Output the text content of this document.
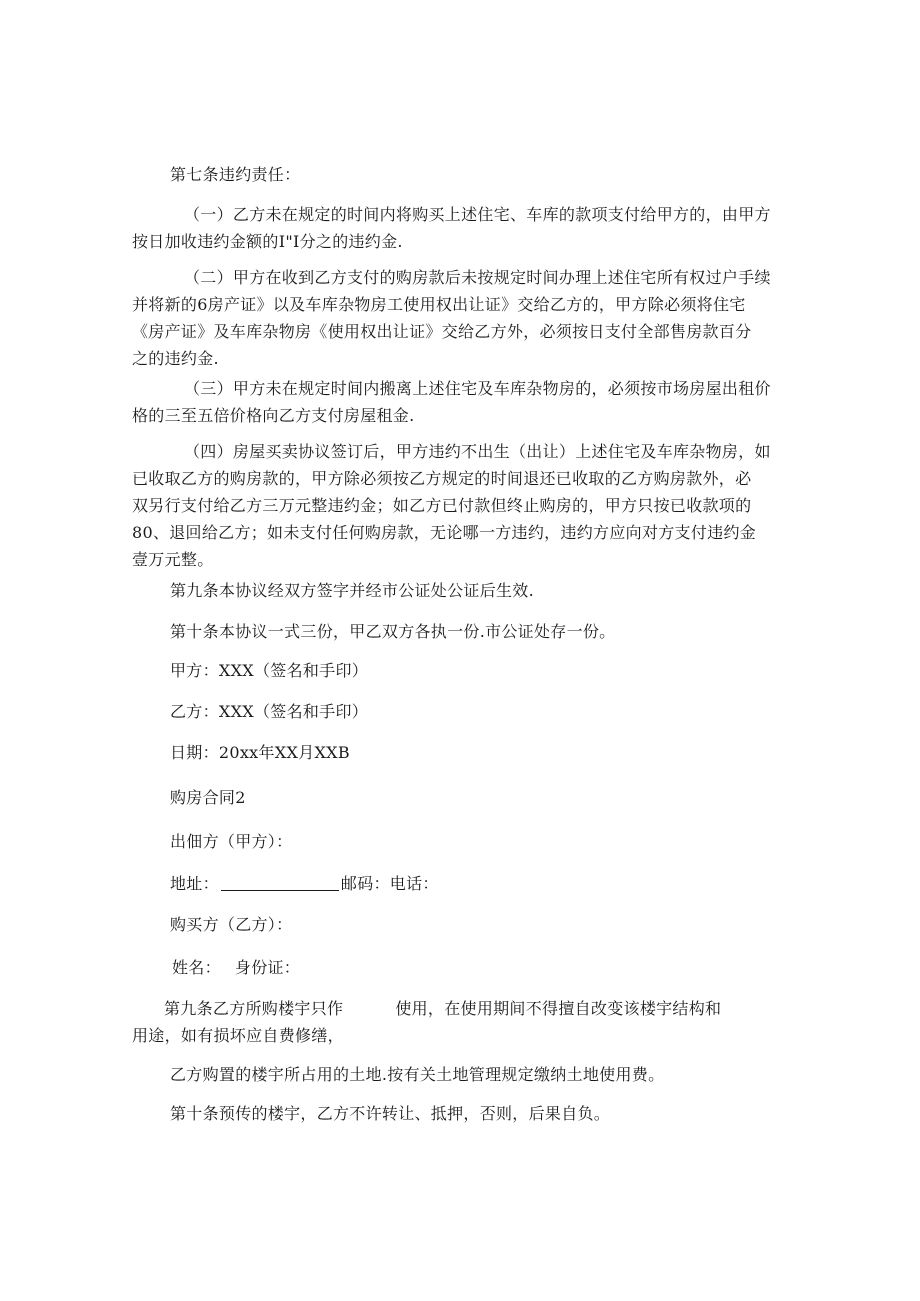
第七条违约责任：

（一）乙方未在规定的时间内将购买上述住宅、车库的款项支付给甲方的，由甲方

按日加收违约金额的I"I分之的违约金.

（二）甲方在收到乙方支付的购房款后未按规定时间办理上述住宅所有权过户手续

并将新的6房产证》以及车库杂物房工使用权出让证》交给乙方的，甲方除必须将住宅

《房产证》及车库杂物房《使用权出让证》交给乙方外，必须按日支付全部售房款百分

之的违约金.

（三）甲方未在规定时间内搬离上述住宅及车库杂物房的，必须按市场房屋出租价

格的三至五倍价格向乙方支付房屋租金.

（四）房屋买卖协议签订后，甲方违约不出生（出让）上述住宅及车库杂物房，如

已收取乙方的购房款的，甲方除必须按乙方规定的时间退还已收取的乙方购房款外，必

双另行支付给乙方三万元整违约金；如乙方已付款但终止购房的，甲方只按已收款项的

80、退回给乙方；如未支付任何购房款，无论哪一方违约，违约方应向对方支付违约金

壹万元整。

第九条本协议经双方签字并经市公证处公证后生效.
第十条本协议一式三份，甲乙双方各执一份.市公证处存一份。
甲方：XXX（签名和手印）
乙方：XXX（签名和手印）
日期：20xx年XX月XXB
购房合同2
出佃方（甲方）：
地址：	邮码：电话：
购买方（乙方）：
姓名： 身份证：

第九条乙方所购楼宇只作	使用，在使用期间不得擅自改变该楼宇结构和

用途，如有损坏应自费修缮，

乙方购置的楼宇所占用的土地.按有关土地管理规定缴纳土地使用费。
第十条预传的楼宇，乙方不许转让、抵押，否则，后果自负。
